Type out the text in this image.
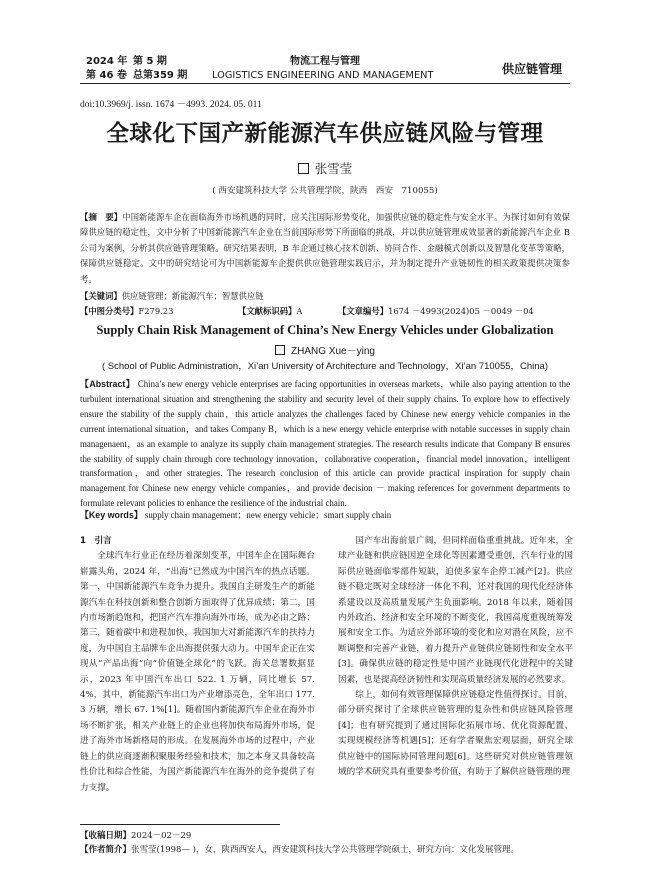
2024 年 第 5 期
第 46 卷 总第359 期
物流工程与管理
LOGISTICS ENGINEERING AND MANAGEMENT	供应链管理
doi:10.3969/j. issn. 1674 －4993. 2024. 05. 011
全球化下国产新能源汽车供应链风险与管理
张雪莹
( 西安建筑科技大学 公共管理学院，陕西　西安　710055)
【摘　要】中国新能源车企在面临海外市场机遇的同时，应关注国际形势变化，加强供应链的稳定性与安全水平。为探讨如何有效保障供应链的稳定性，文中分析了中国新能源汽车企业在当前国际形势下所面临的挑战，并以供应链管理成效显著的新能源汽车企业 B 公司为案例，分析其供应链管理策略。研究结果表明，B 车企通过核心技术创新、协同合作、金融模式创新以及智慧化变革等策略，保障供应链稳定。文中的研究结论可为中国新能源车企提供供应链管理实践启示，并为制定提升产业链韧性的相关政策提供决策参考。
【关键词】供应链管理；新能源汽车；智慧供应链
【中图分类号】F279.23	【文献标识码】A	【文章编号】1674 －4993(2024)05 －0049 －04
Supply Chain Risk Management of China’s New Energy Vehicles under Globalization
ZHANG Xue－ying
( School of Public Administration，Xi’an University of Architecture and Technology，Xi’an 710055，China)
【Abstract】 China’s new energy vehicle enterprises are facing opportunities in overseas markets，while also paying attention to the turbulent international situation and strengthening the stability and security level of their supply chains. To explore how to effectively ensure the stability of the supply chain，this article analyzes the challenges faced by Chinese new energy vehicle companies in the current international situation，and takes Company B，which is a new energy vehicle enterprise with notable successes in supply chain managenaent，as an example to analyze its supply chain management strategies. The research results indicate that Company B ensures the stability of supply chain through core technology innovation，collaborative cooperation，financial model innovation，intelligent transformation，and other strategies. The research conclusion of this article can provide practical inspiration for supply chain management for Chinese new energy vehicle companies，and provide decision － making references for government departments to formulate relevant policies to enhance the resilience of the industrial chain.
【Key words】 supply chain management；new energy vehicle；smart supply chain

1　引言

全球汽车行业正在经历着深刻变革，中国车企在国际舞台崭露头角，2024 年，“出海”已然成为中国汽车的热点话题。第一，中国新能源汽车竞争力提升。我国自主研发生产的新能源汽车在科技创新和整合创新方面取得了优异成绩；第二，国内市场渐趋饱和，把国产汽车推向海外市场，成为必由之路；第三，随着碳中和进程加快，我国加大对新能源汽车的扶持力度，为中国自主品牌车企出海提供强大动力。中国车企正在实现从“产品出海”向“价值链全球化”的飞跃。海关总署数据显示，2023 年中国汽车出口 522. 1 万辆，同比增长 57. 4%，其中，新能源汽车出口为产业增添亮色，全年出口 177. 3 万辆，增长 67. 1%[1]。随着国内新能源汽车企业在海外市场不断扩张，相关产业链上的企业也将加快布局海外市场，促进了海外市场新格局的形成。在发展海外市场的过程中，产业链上的供应商逐渐积聚服务经验和技术，加之本身又具备较高性价比和综合性能，为国产新能源汽车在海外的竞争提供了有力支撑。

国产车出海前景广阔，但同样面临重重挑战。近年来，全球产业链和供应链因逆全球化等因素遭受重创，汽车行业的国际供应链面临零部件短缺，迫使多家车企停工减产[2]。供应链不稳定既对全球经济一体化不利，还对我国的现代化经济体系建设以及高质量发展产生负面影响。2018 年以来，随着国内外政治、经济和安全环境的不断变化，我国高度重视统筹发展和安全工作。为适应外部环境的变化和应对潜在风险，应不断调整和完善产业链，着力提升产业链供应链韧性和安全水平[3]。确保供应链的稳定性是中国产业链现代化进程中的关键因素，也是提高经济韧性和实现高质量经济发展的必然要求。

综上，如何有效管理保障供应链稳定性值得探讨。目前，部分研究探讨了全球供应链管理的复杂性和供应链风险管理[4]；也有研究提到了通过国际化拓展市场、优化资源配置、实现规模经济等机遇[5]；还有学者聚焦宏观层面，研究全球供应链中的国际协同管理问题[6]。这些研究对供应链管理领域的学术研究具有重要参考价值，有助于了解供应链管理的理

【收稿日期】2024－02－29
【作者简介】张雪莹(1998— )，女，陕西西安人，西安建筑科技大学公共管理学院硕士，研究方向：文化发展管理。
